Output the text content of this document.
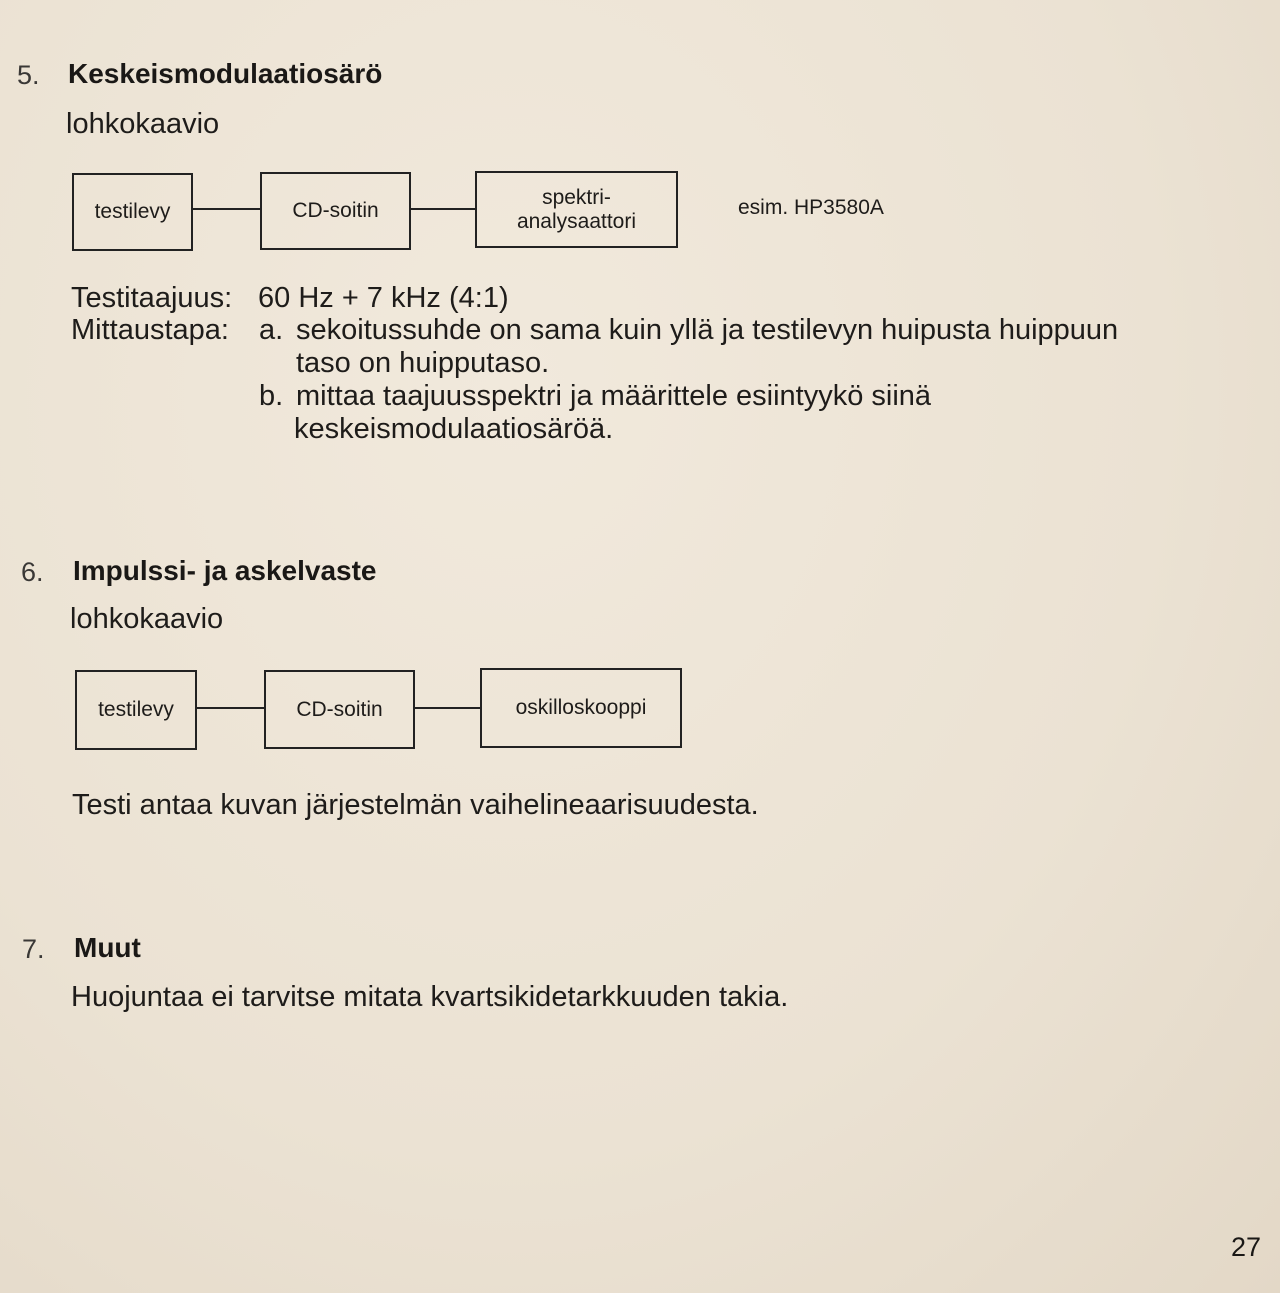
5. Keskeismodulaatiosärö
lohkokaavio
testilevy	CD-soitin
spektri-
analysaattori
esim. HP3580A
Testitaajuus: 60 Hz + 7 kHz (4:1)
Mittaustapa: a. sekoitussuhde on sama kuin yllä ja testilevyn huipusta huippuun
taso on huipputaso.
b. mittaa taajuusspektri ja määrittele esiintyykö siinä
keskeismodulaatiosäröä.
6. Impulssi- ja askelvaste
lohkokaavio
testilevy	CD-soitin	oskilloskooppi
Testi antaa kuvan järjestelmän vaihelineaarisuudesta.
7. Muut
Huojuntaa ei tarvitse mitata kvartsikidetarkkuuden takia.
27
